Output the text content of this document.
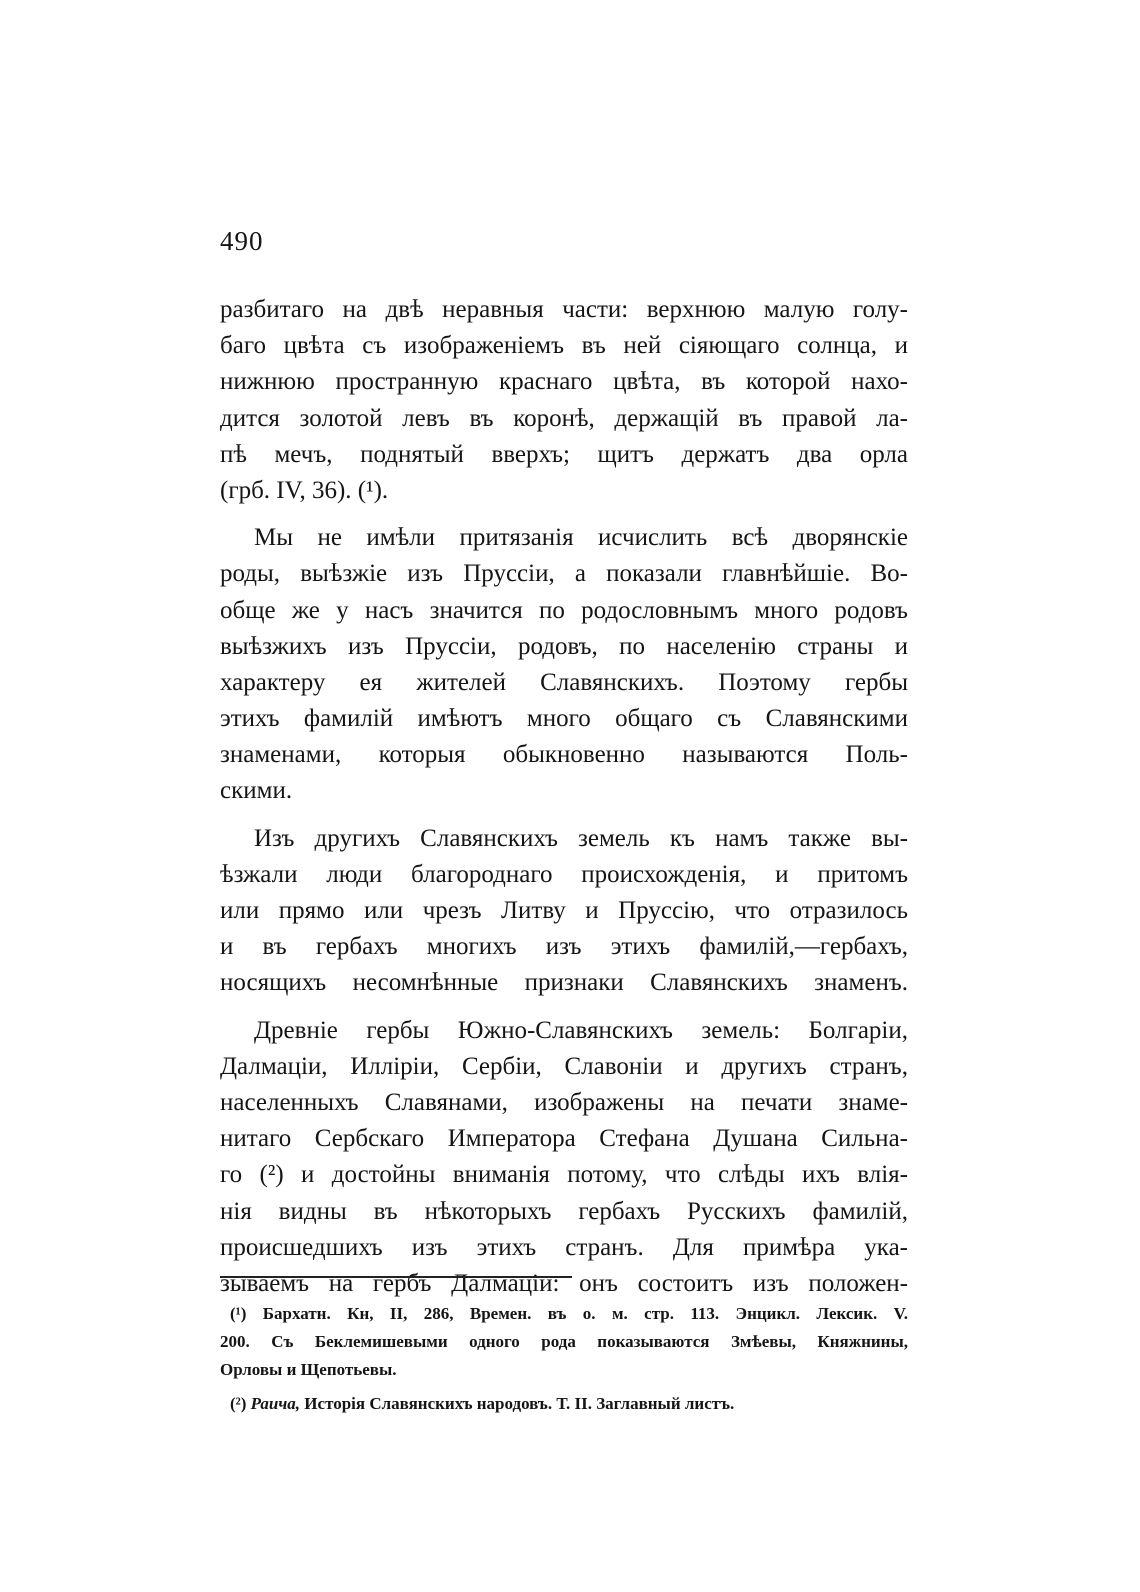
490
разбитаго на двѣ неравныя части: верхнюю малую голу-
баго цвѣта съ изображеніемъ въ ней сіяющаго солнца, и
нижнюю пространную краснаго цвѣта, въ которой нахо-
дится золотой левъ въ коронѣ, держащій въ правой ла-
пѣ мечъ, поднятый вверхъ; щитъ держатъ два орла
(грб. IV, 36). (¹).
Мы не имѣли притязанія исчислить всѣ дворянскіе
роды, выѣзжіе изъ Пруссіи, а показали главнѣйшіе. Во-
обще же у насъ значится по родословнымъ много родовъ
выѣзжихъ изъ Пруссіи, родовъ, по населенію страны и
характеру ея жителей Славянскихъ. Поэтому гербы
этихъ фамилій имѣютъ много общаго съ Славянскими
знаменами, которыя обыкновенно называются Поль-
скими.
Изъ другихъ Славянскихъ земель къ намъ также вы-
ѣзжали люди благороднаго происхожденія, и притомъ
или прямо или чрезъ Литву и Пруссію, что отразилось
и въ гербахъ многихъ изъ этихъ фамилій,—гербахъ,
носящихъ несомнѣнные признаки Славянскихъ знаменъ.
Древніе гербы Южно-Славянскихъ земель: Болгаріи,
Далмаціи, Илліріи, Сербіи, Славоніи и другихъ странъ,
населенныхъ Славянами, изображены на печати знаме-
нитаго Сербскаго Императора Стефана Душана Сильна-
го (²) и достойны вниманія потому, что слѣды ихъ влія-
нія видны въ нѣкоторыхъ гербахъ Русскихъ фамилій,
происшедшихъ изъ этихъ странъ. Для примѣра ука-
зываемъ на гербъ Далмаціи: онъ состоитъ изъ положен-
(¹) Бархатн. Кн, II, 286, Времен. въ о. м. стр. 113. Энцикл. Лексик. V.
200. Съ Беклемишевыми одного рода показываются Змѣевы, Княжнины,
Орловы и Щепотьевы.
(²) Раича, Исторія Славянскихъ народовъ. Т. II. Заглавный листъ.
